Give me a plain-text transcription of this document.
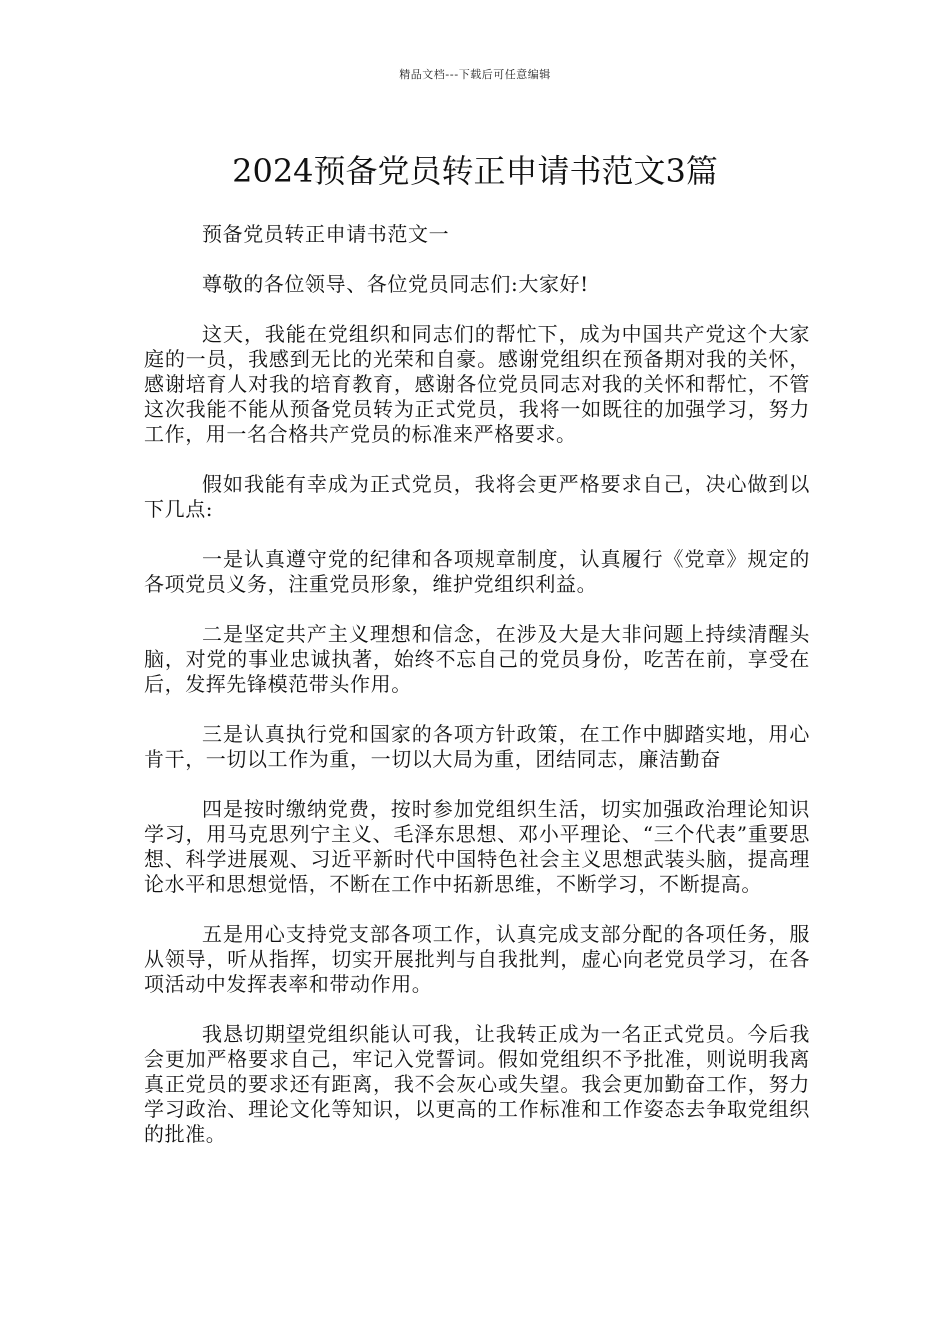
精品文档---下载后可任意编辑
2024预备党员转正申请书范文3篇

预备党员转正申请书范文一

尊敬的各位领导、各位党员同志们:大家好!

这天，我能在党组织和同志们的帮忙下，成为中国共产党这个大家庭的一员，我感到无比的光荣和自豪。感谢党组织在预备期对我的关怀，感谢培育人对我的培育教育，感谢各位党员同志对我的关怀和帮忙，不管这次我能不能从预备党员转为正式党员，我将一如既往的加强学习，努力工作，用一名合格共产党员的标准来严格要求。

假如我能有幸成为正式党员，我将会更严格要求自己，决心做到以下几点:

一是认真遵守党的纪律和各项规章制度，认真履行《党章》规定的各项党员义务，注重党员形象，维护党组织利益。

二是坚定共产主义理想和信念，在涉及大是大非问题上持续清醒头脑，对党的事业忠诚执著，始终不忘自己的党员身份，吃苦在前，享受在后，发挥先锋模范带头作用。

三是认真执行党和国家的各项方针政策，在工作中脚踏实地，用心肯干，一切以工作为重，一切以大局为重，团结同志，廉洁勤奋

四是按时缴纳党费，按时参加党组织生活，切实加强政治理论知识学习，用马克思列宁主义、毛泽东思想、邓小平理论、“三个代表”重要思想、科学进展观、习近平新时代中国特色社会主义思想武装头脑，提高理论水平和思想觉悟，不断在工作中拓新思维，不断学习，不断提高。

五是用心支持党支部各项工作，认真完成支部分配的各项任务，服从领导，听从指挥，切实开展批判与自我批判，虚心向老党员学习，在各项活动中发挥表率和带动作用。

我恳切期望党组织能认可我，让我转正成为一名正式党员。今后我会更加严格要求自己，牢记入党誓词。假如党组织不予批准，则说明我离真正党员的要求还有距离，我不会灰心或失望。我会更加勤奋工作，努力学习政治、理论文化等知识，以更高的工作标准和工作姿态去争取党组织的批准。
